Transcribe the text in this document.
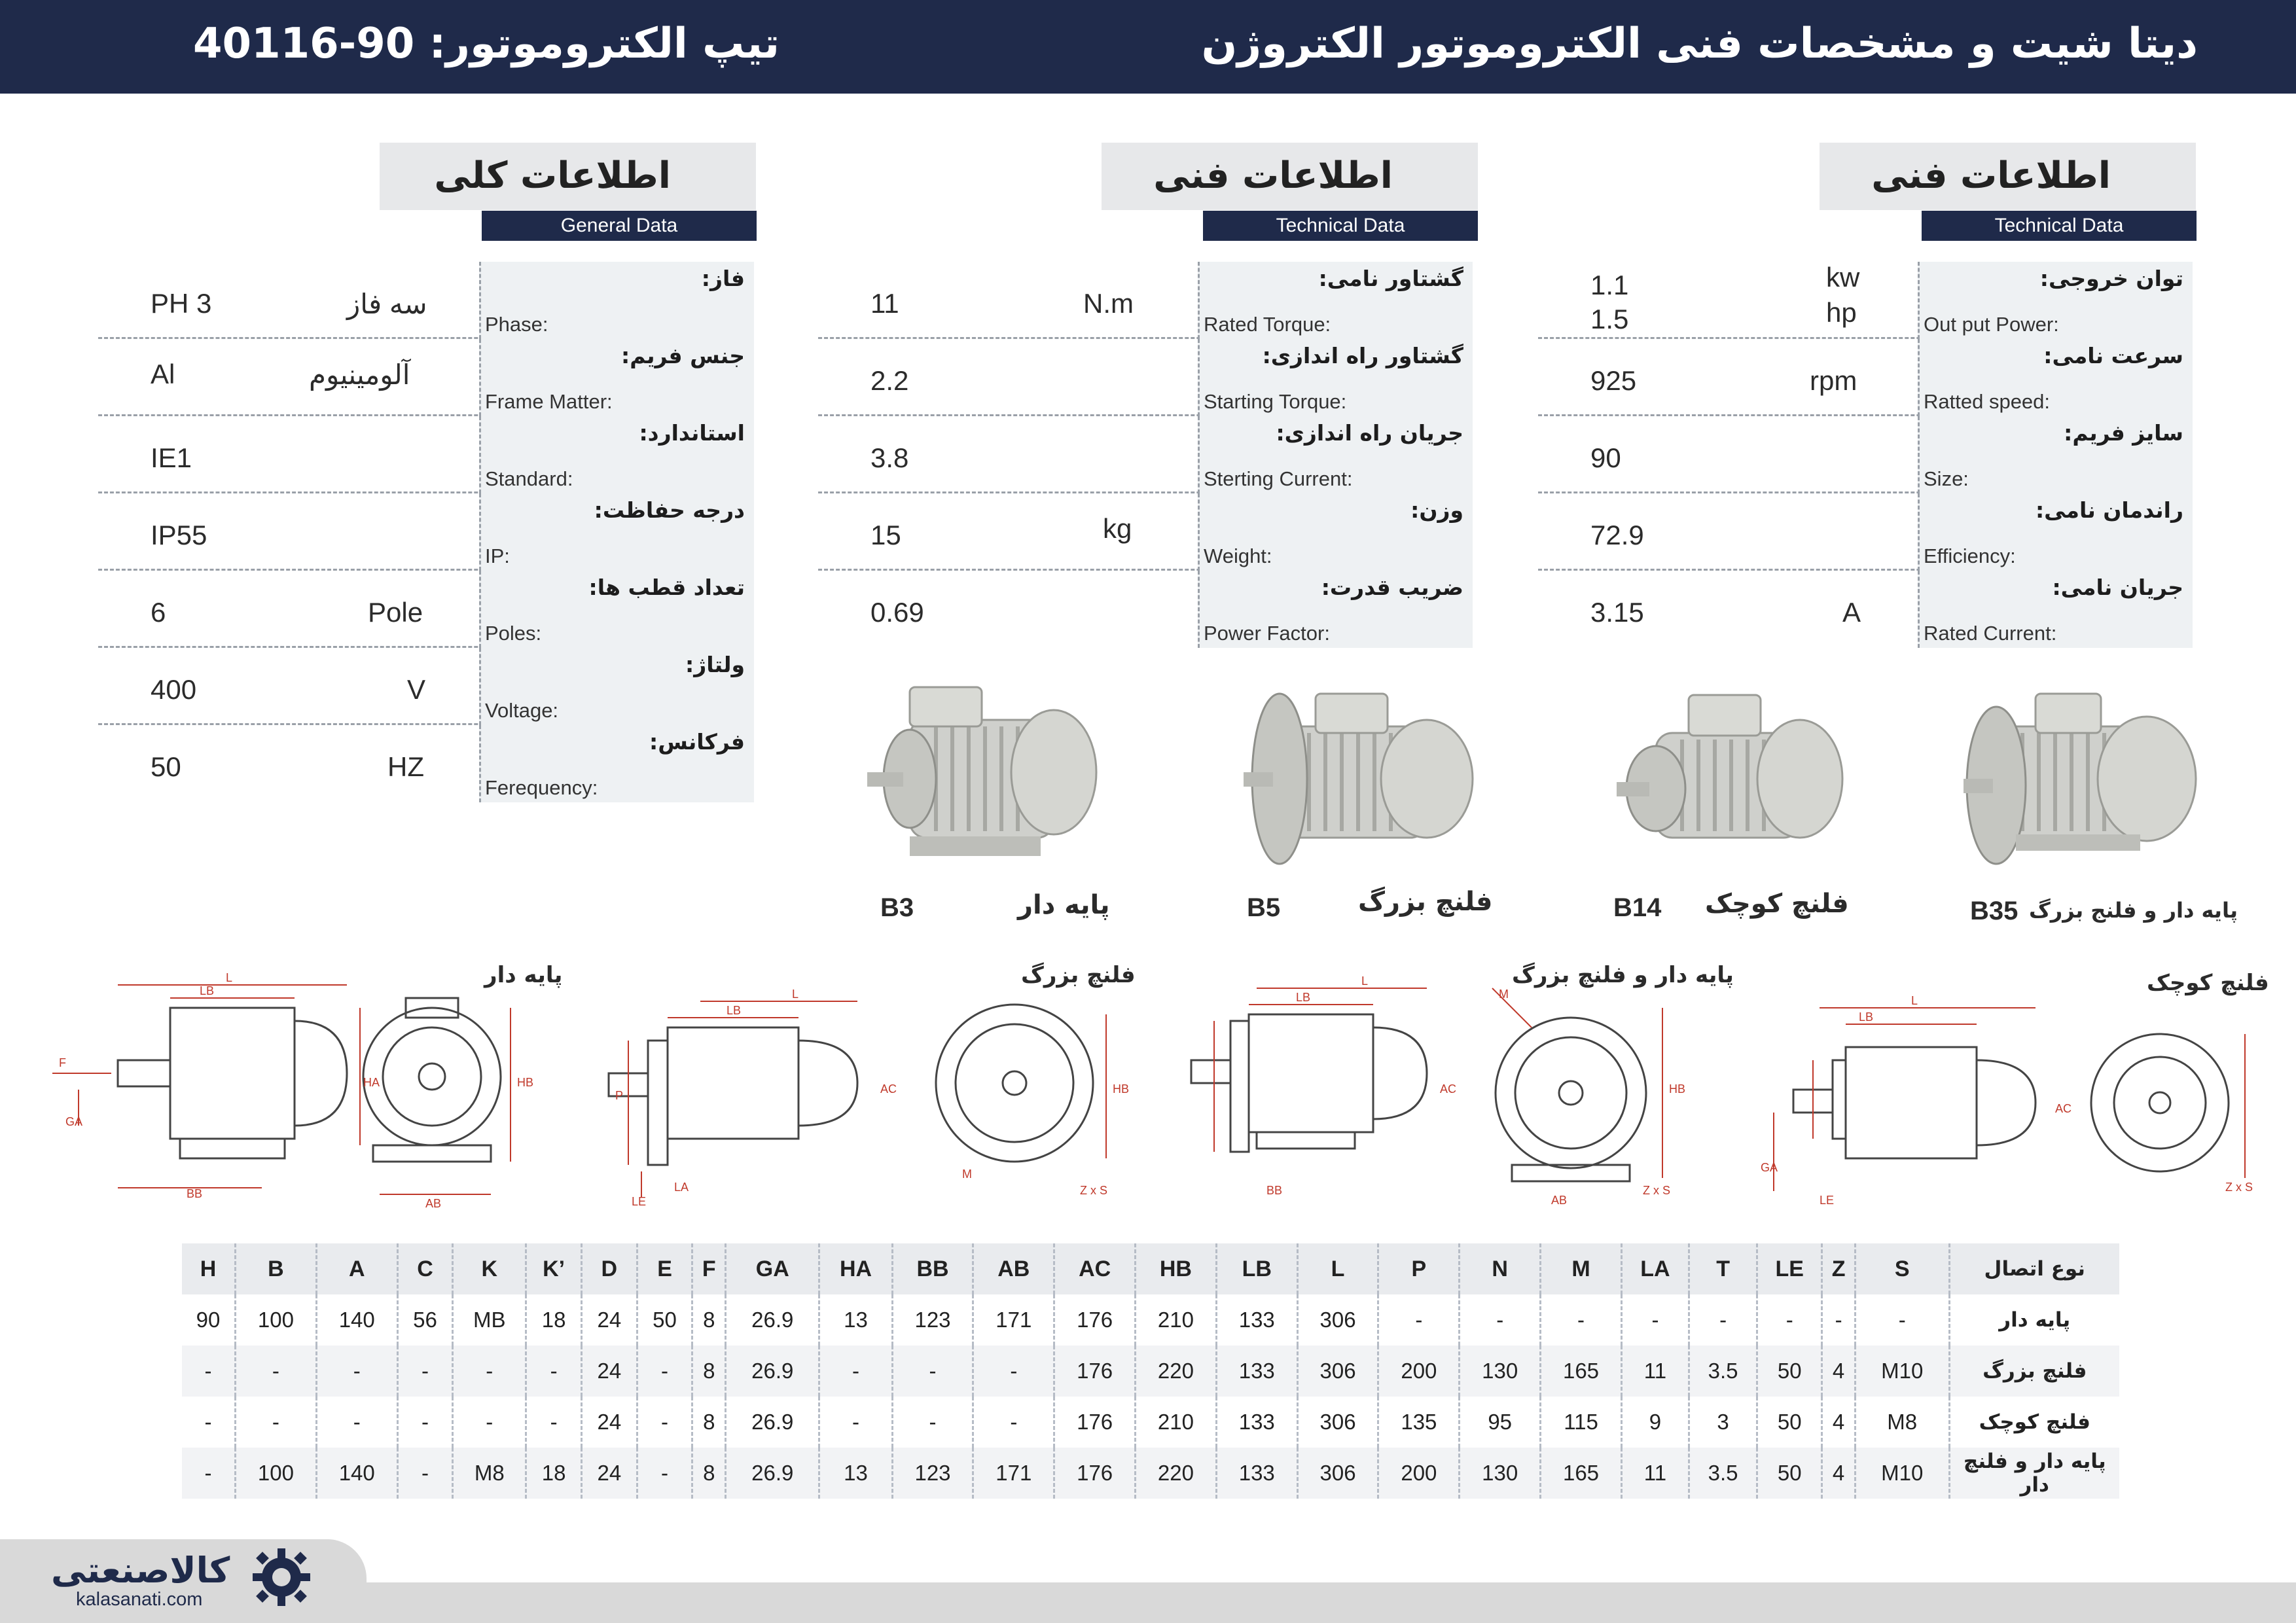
دیتا شیت و مشخصات فنی الکتروموتور الکتروژن
تیپ الکتروموتور: 90-40116
اطلاعات فنی
Technical Data
اطلاعات فنی
Technical Data
اطلاعات کلی
General Data
1.1
1.5
kw
hp
توان خروجی:
Out put Power:
925	rpm
سرعت نامی:
Ratted speed:
90
سایز فریم:
Size:
72.9
راندمان نامی:
Efficiency:
3.15	A
جریان نامی:
Rated Current:
11	N.m
گشتاور نامی:
Rated Torque:
2.2
گشتاور راه اندازی:
Starting Torque:
3.8
جریان راه اندازی:
Sterting Current:
15	kg
وزن:
Weight:
0.69
ضریب قدرت:
Power Factor:
PH 3	سه فاز
فاز:
Phase:
Al	آلومینیوم
جنس فریم:
Frame Matter:
IE1
استاندارد:
Standard:
IP55
درجه حفاظت:
IP:
6	Pole
تعداد قطب ها:
Poles:
400	V
ولتاژ:
Voltage:
50	HZ
فرکانس:
Ferequency:
B35 پایه دار و فلنج بزرگ
B14 فلنچ کوچک
B5	فلنچ بزرگ
B3	پایه دار
پایه دار
L
LB
BB
AB
HA	HB
F
GA
فلنچ بزرگ
L
LB
P	AC	HB
Z x S
M
LA
LE
پایه دار و فلنچ بزرگ
L
LB
AC	HB
M
Z x S
BB
AB
فلنچ کوچک
L
LB
AC
Z x S
GA
LE
H	B	A	C	K	K’	D	E	F	GA	HA	BB	AB	AC	HB	LB	L	P	N	M	LA	T	LE	Z	S	نوع اتصال
90	100	140	56	MB	18	24	50	8	26.9	13	123	171	176	210	133	306	-	-	-	-	-	-	-	-	پایه دار
-	-	-	-	-	-	24	-	8	26.9	-	-	-	176	220	133	306	200	130	165	11	3.5	50	4	M10	فلنچ بزرگ
-	-	-	-	-	-	24	-	8	26.9	-	-	-	176	210	133	306	135	95	115	9	3	50	4	M8	فلنچ کوچک
-	100	140	-	M8	18	24	-	8	26.9	13	123	171	176	220	133	306	200	130	165	11	3.5	50	4	M10	پایه دار و فلنچ دار
کالاصنعتی
kalasanati.com
